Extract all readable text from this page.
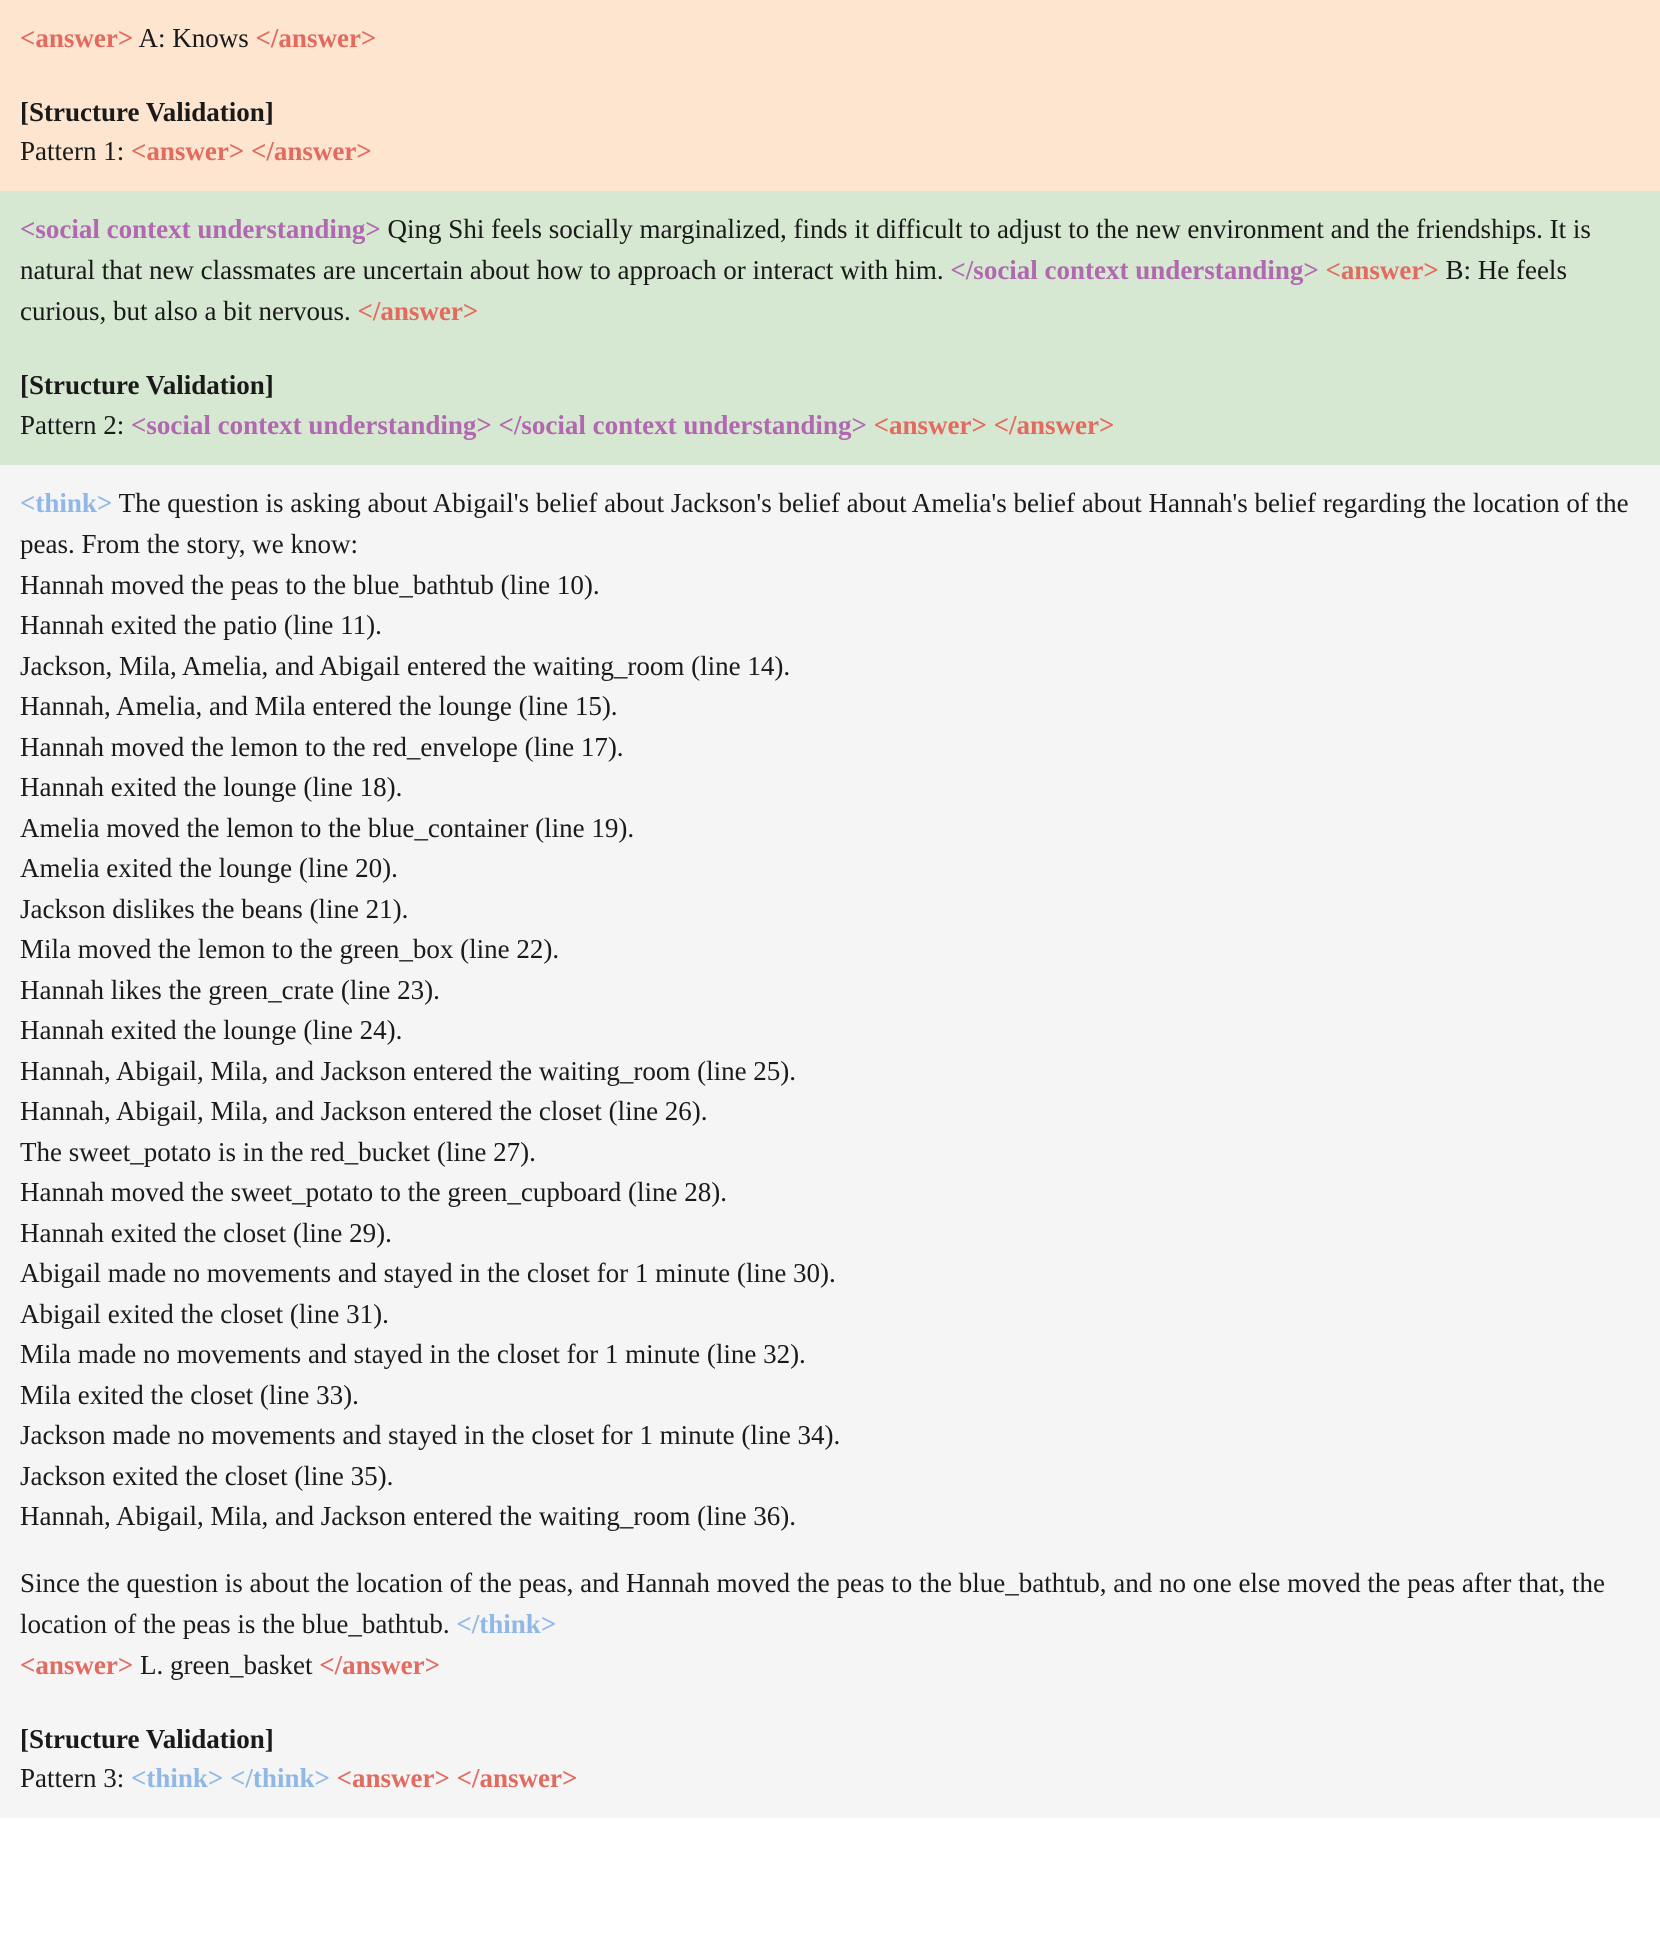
<answer> A: Knows </answer>

[Structure Validation]

Pattern 1: <answer> </answer>

<social context understanding> Qing Shi feels socially marginalized, finds it difficult to adjust to the new environment and the friendships. It is natural that new classmates are uncertain about how to approach or interact with him. </social context understanding> <answer> B: He feels curious, but also a bit nervous. </answer>

[Structure Validation]

Pattern 2: <social context understanding> </social context understanding> <answer> </answer>

<think> The question is asking about Abigail's belief about Jackson's belief about Amelia's belief about Hannah's belief regarding the location of the peas. From the story, we know:

Hannah moved the peas to the blue_bathtub (line 10).

Hannah exited the patio (line 11).

Jackson, Mila, Amelia, and Abigail entered the waiting_room (line 14).

Hannah, Amelia, and Mila entered the lounge (line 15).

Hannah moved the lemon to the red_envelope (line 17).

Hannah exited the lounge (line 18).

Amelia moved the lemon to the blue_container (line 19).

Amelia exited the lounge (line 20).

Jackson dislikes the beans (line 21).

Mila moved the lemon to the green_box (line 22).

Hannah likes the green_crate (line 23).

Hannah exited the lounge (line 24).

Hannah, Abigail, Mila, and Jackson entered the waiting_room (line 25).

Hannah, Abigail, Mila, and Jackson entered the closet (line 26).

The sweet_potato is in the red_bucket (line 27).

Hannah moved the sweet_potato to the green_cupboard (line 28).

Hannah exited the closet (line 29).

Abigail made no movements and stayed in the closet for 1 minute (line 30).

Abigail exited the closet (line 31).

Mila made no movements and stayed in the closet for 1 minute (line 32).

Mila exited the closet (line 33).

Jackson made no movements and stayed in the closet for 1 minute (line 34).

Jackson exited the closet (line 35).

Hannah, Abigail, Mila, and Jackson entered the waiting_room (line 36).

Since the question is about the location of the peas, and Hannah moved the peas to the blue_bathtub, and no one else moved the peas after that, the location of the peas is the blue_bathtub. </think>

<answer> L. green_basket </answer>

[Structure Validation]

Pattern 3: <think> </think> <answer> </answer>
